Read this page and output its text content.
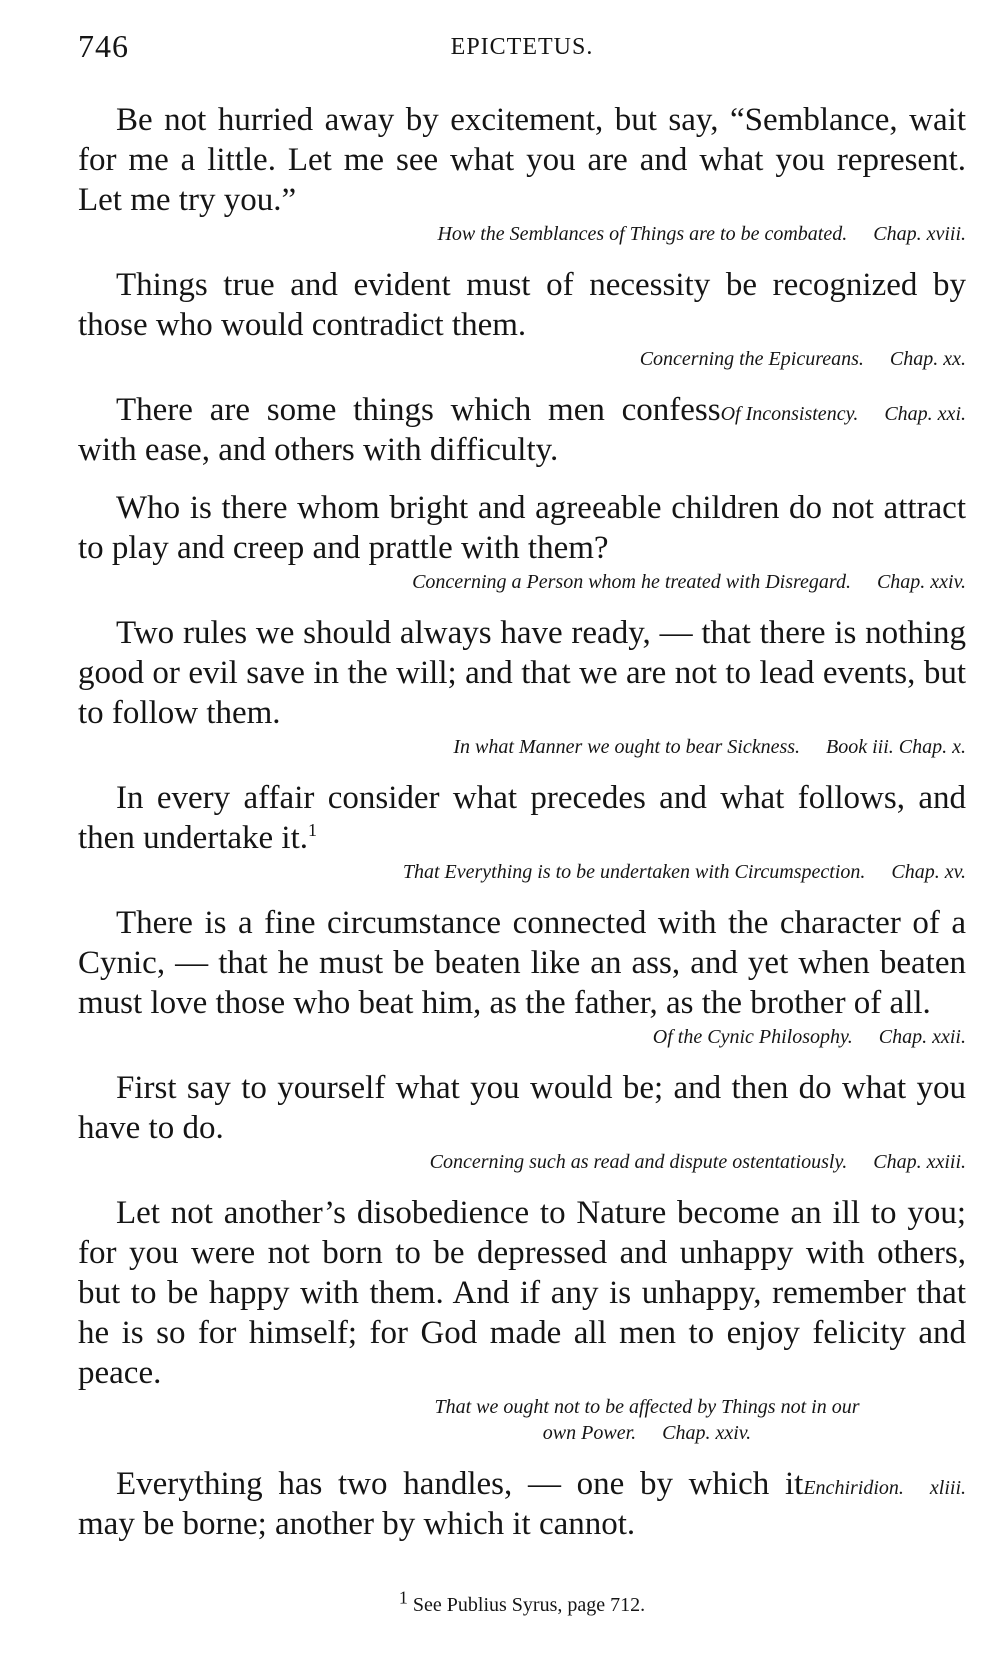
746	EPICTETUS.

Be not hurried away by excitement, but say, “Semblance, wait for me a little. Let me see what you are and what you represent. Let me try you.”

How the Semblances of Things are to be combated. Chap. xviii.

Things true and evident must of necessity be recognized by those who would contradict them.

Concerning the Epicureans. Chap. xx.

Of Inconsistency. Chap. xxi.
There are some things which men confess with ease, and others with difficulty.

Who is there whom bright and agreeable children do not attract to play and creep and prattle with them?

Concerning a Person whom he treated with Disregard. Chap. xxiv.

Two rules we should always have ready, — that there is nothing good or evil save in the will; and that we are not to lead events, but to follow them.

In what Manner we ought to bear Sickness. Book iii. Chap. x.

In every affair consider what precedes and what follows, and then undertake it.$^1$

That Everything is to be undertaken with Circumspection. Chap. xv.

There is a fine circumstance connected with the character of a Cynic, — that he must be beaten like an ass, and yet when beaten must love those who beat him, as the father, as the brother of all.

Of the Cynic Philosophy. Chap. xxii.

First say to yourself what you would be; and then do what you have to do.

Concerning such as read and dispute ostentatiously. Chap. xxiii.

Let not another’s disobedience to Nature become an ill to you; for you were not born to be depressed and unhappy with others, but to be happy with them. And if any is unhappy, remember that he is so for himself; for God made all men to enjoy felicity and peace.

That we ought not to be affected by Things not in our
own Power. Chap. xxiv.

Enchiridion. xliii.
Everything has two handles, — one by which it may be borne; another by which it cannot.

$^1$ See Publius Syrus, page 712.
